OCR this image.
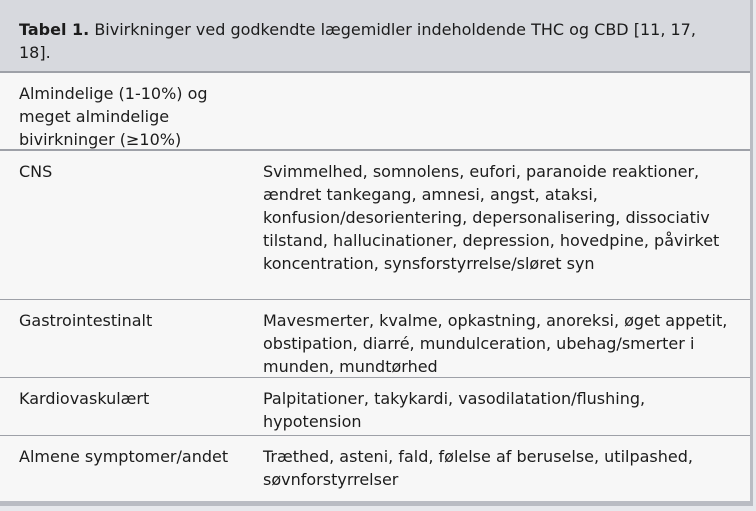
Tabel 1. Bivirkninger ved godkendte lægemidler indeholdende THC og CBD [11, 17, 18].
Almindelige (1-10%) og meget almindelige bivirkninger (≥10%)
CNS	Svimmelhed, somnolens, eufori, paranoide reaktioner, ændret tankegang, amnesi, angst, ataksi, konfusion/desorientering, depersonalisering, dissociativ tilstand, hallucinationer, depression, hovedpine, påvirket koncentration, synsforstyrrelse/sløret syn
Gastrointestinalt	Mavesmerter, kvalme, opkastning, anoreksi, øget appetit, obstipation, diarré, mundulceration, ubehag/smerter i munden, mundtørhed
Kardiovaskulært	Palpitationer, takykardi, vasodilatation/flushing, hypotension
Almene symptomer/andet	Træthed, asteni, fald, følelse af beruselse, utilpashed, søvnforstyrrelser
